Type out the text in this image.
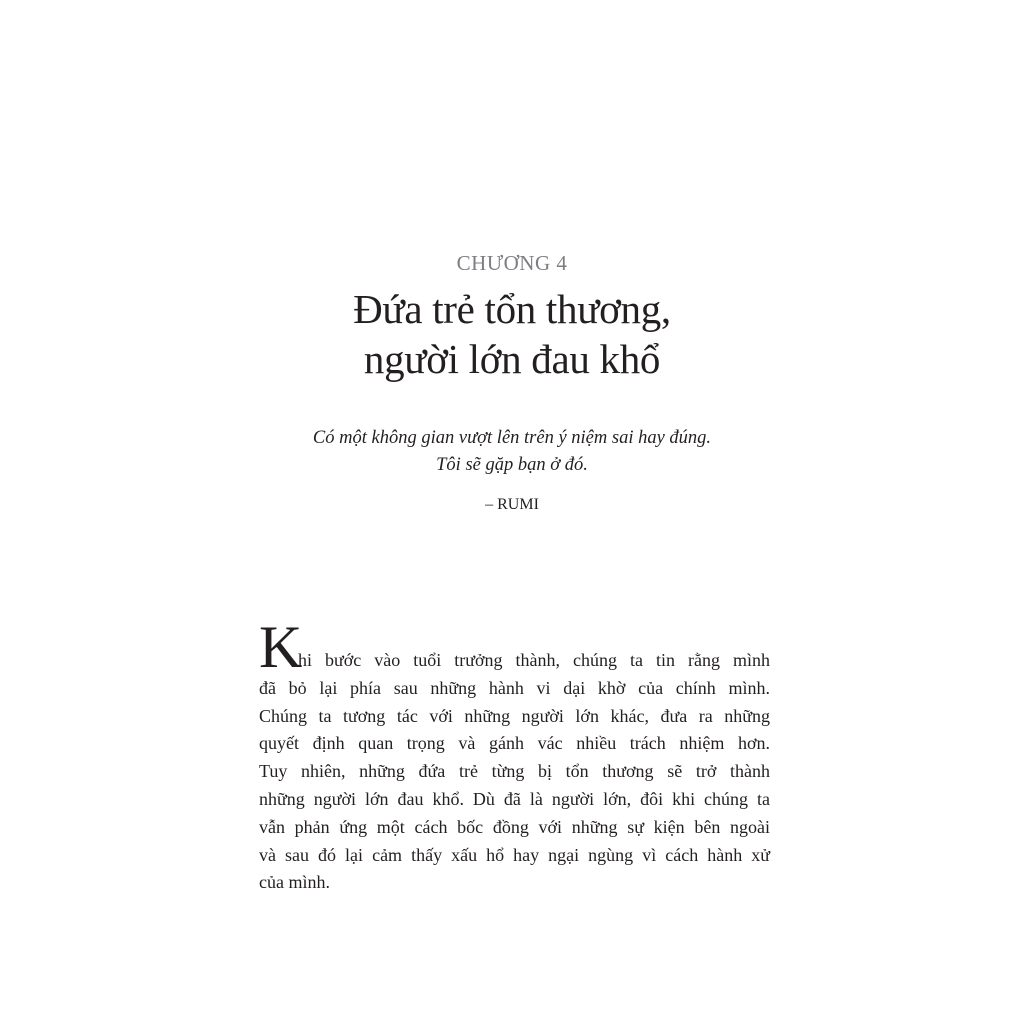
CHƯƠNG 4
Đứa trẻ tổn thương,
người lớn đau khổ
Có một không gian vượt lên trên ý niệm sai hay đúng.
Tôi sẽ gặp bạn ở đó.
– RUMI
K
hi bước vào tuổi trưởng thành, chúng ta tin rằng mình
đã bỏ lại phía sau những hành vi dại khờ của chính mình.
Chúng ta tương tác với những người lớn khác, đưa ra những
quyết định quan trọng và gánh vác nhiều trách nhiệm hơn.
Tuy nhiên, những đứa trẻ từng bị tổn thương sẽ trở thành
những người lớn đau khổ. Dù đã là người lớn, đôi khi chúng ta
vẫn phản ứng một cách bốc đồng với những sự kiện bên ngoài
và sau đó lại cảm thấy xấu hổ hay ngại ngùng vì cách hành xử
của mình.
